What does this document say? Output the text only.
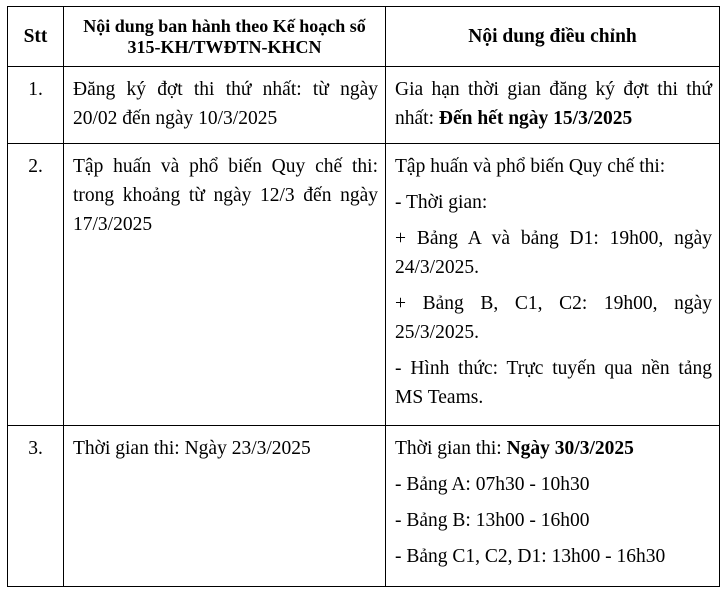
Stt	Nội dung ban hành theo Kế hoạch số 315-KH/TWĐTN-KHCN	Nội dung điều chỉnh
1.	Đăng ký đợt thi thứ nhất: từ ngày 20/02 đến ngày 10/3/2025	Gia hạn thời gian đăng ký đợt thi thứ nhất: Đến hết ngày 15/3/2025

2.	Tập huấn và phổ biến Quy chế thi: trong khoảng từ ngày 12/3 đến ngày 17/3/2025	Tập huấn và phổ biến Quy chế thi:

- Thời gian:

+ Bảng A và bảng D1: 19h00, ngày 24/3/2025.

+ Bảng B, C1, C2: 19h00, ngày 25/3/2025.

- Hình thức: Trực tuyến qua nền tảng MS Teams.

3.	Thời gian thi: Ngày 23/3/2025	Thời gian thi: Ngày 30/3/2025

- Bảng A: 07h30 - 10h30

- Bảng B: 13h00 - 16h00

- Bảng C1, C2, D1: 13h00 - 16h30
